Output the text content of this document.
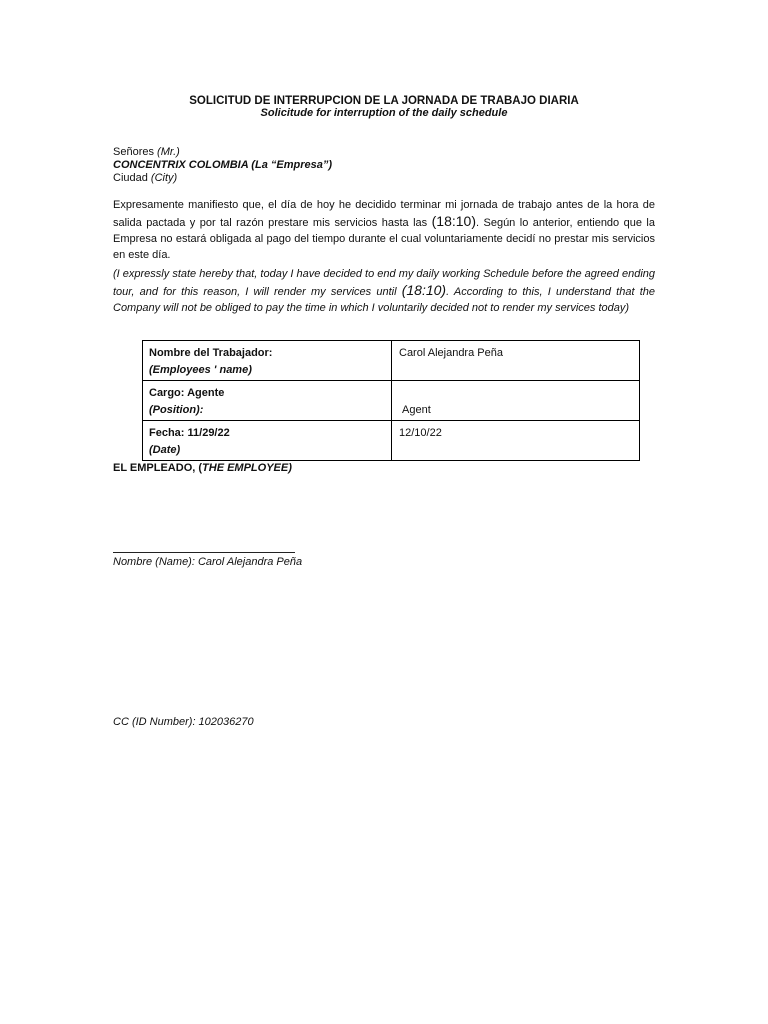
SOLICITUD DE INTERRUPCION DE LA JORNADA DE TRABAJO DIARIA
Solicitude for interruption of the daily schedule
Señores (Mr.)
CONCENTRIX COLOMBIA (La “Empresa”)
Ciudad (City)
Expresamente manifiesto que, el día de hoy he decidido terminar mi jornada de trabajo antes de la hora de salida pactada y por tal razón prestare mis servicios hasta las (18:10). Según lo anterior, entiendo que la Empresa no estará obligada al pago del tiempo durante el cual voluntariamente decidí no prestar mis servicios en este día.
(I expressly state hereby that, today I have decided to end my daily working Schedule before the agreed ending tour, and for this reason, I will render my services until (18:10). According to this, I understand that the Company will not be obliged to pay the time in which I voluntarily decided not to render my services today)
Nombre del Trabajador:
(Employees ' name)	Carol Alejandra Peña
Cargo: Agente
(Position):	Agent
Fecha: 11/29/22
(Date)	12/10/22
EL EMPLEADO, (THE EMPLOYEE)
Nombre (Name): Carol Alejandra Peña
CC (ID Number): 102036270
